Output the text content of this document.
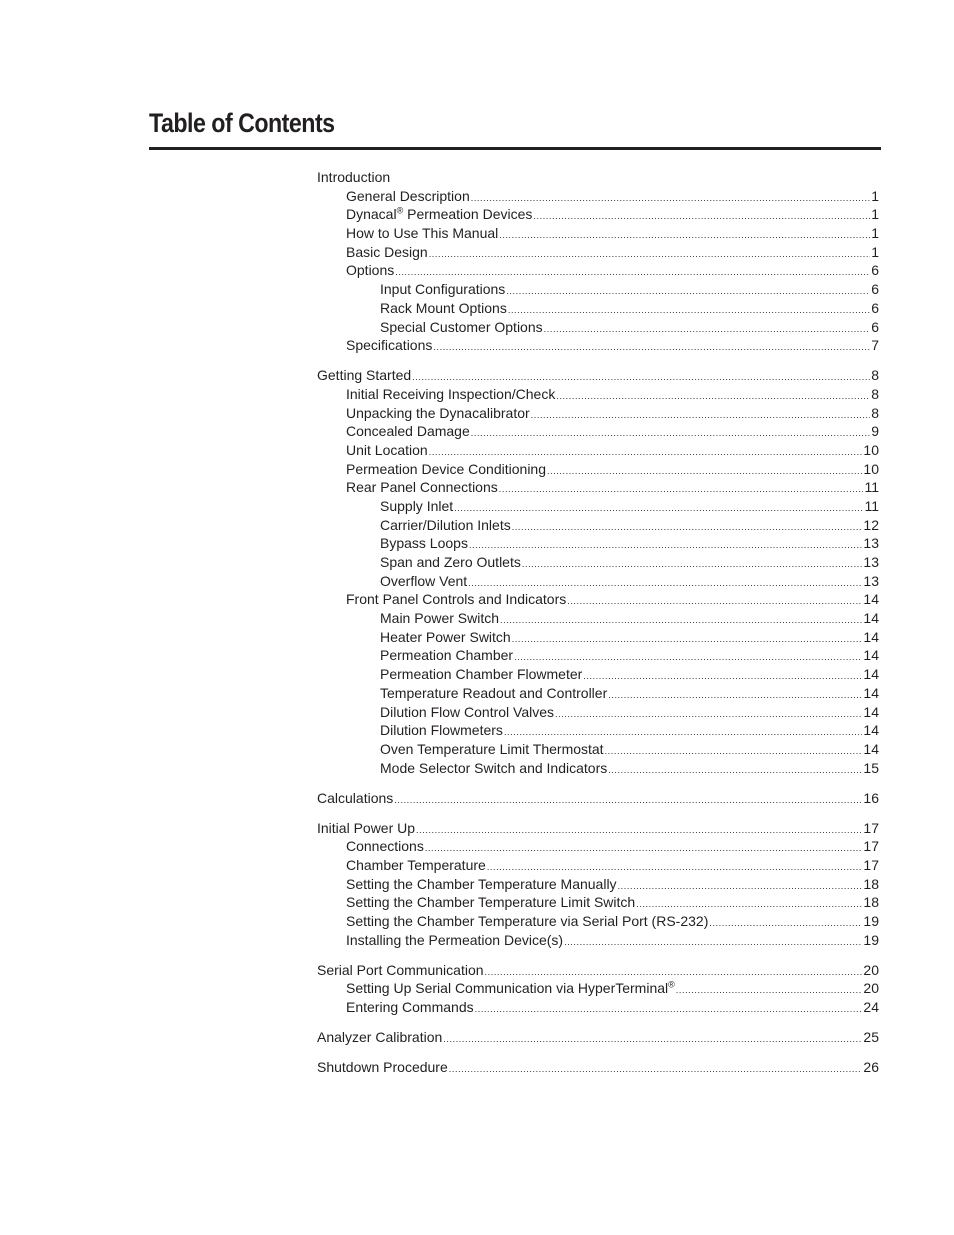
Table of Contents
Introduction
General Description .....	1
Dynacal® Permeation Devices .....	1
How to Use This Manual .....	1
Basic Design .....	1
Options .....	6
Input Configurations .....	6
Rack Mount Options .....	6
Special Customer Options .....	6
Specifications .....	7
Getting Started .....	8
Initial Receiving Inspection/Check .....	8
Unpacking the Dynacalibrator .....	8
Concealed Damage .....	9
Unit Location .....	10
Permeation Device Conditioning .....	10
Rear Panel Connections .....	11
Supply Inlet .....	11
Carrier/Dilution Inlets .....	12
Bypass Loops .....	13
Span and Zero Outlets .....	13
Overflow Vent .....	13
Front Panel Controls and Indicators .....	14
Main Power Switch .....	14
Heater Power Switch .....	14
Permeation Chamber .....	14
Permeation Chamber Flowmeter .....	14
Temperature Readout and Controller .....	14
Dilution Flow Control Valves .....	14
Dilution Flowmeters .....	14
Oven Temperature Limit Thermostat .....	14
Mode Selector Switch and Indicators .....	15
Calculations .....	16
Initial Power Up .....	17
Connections .....	17
Chamber Temperature .....	17
Setting the Chamber Temperature Manually .....	18
Setting the Chamber Temperature Limit Switch .....	18
Setting the Chamber Temperature via Serial Port (RS-232) .....	19
Installing the Permeation Device(s) .....	19
Serial Port Communication .....	20
Setting Up Serial Communication via HyperTerminal® .....	20
Entering Commands .....	24
Analyzer Calibration .....	25
Shutdown Procedure .....	26
